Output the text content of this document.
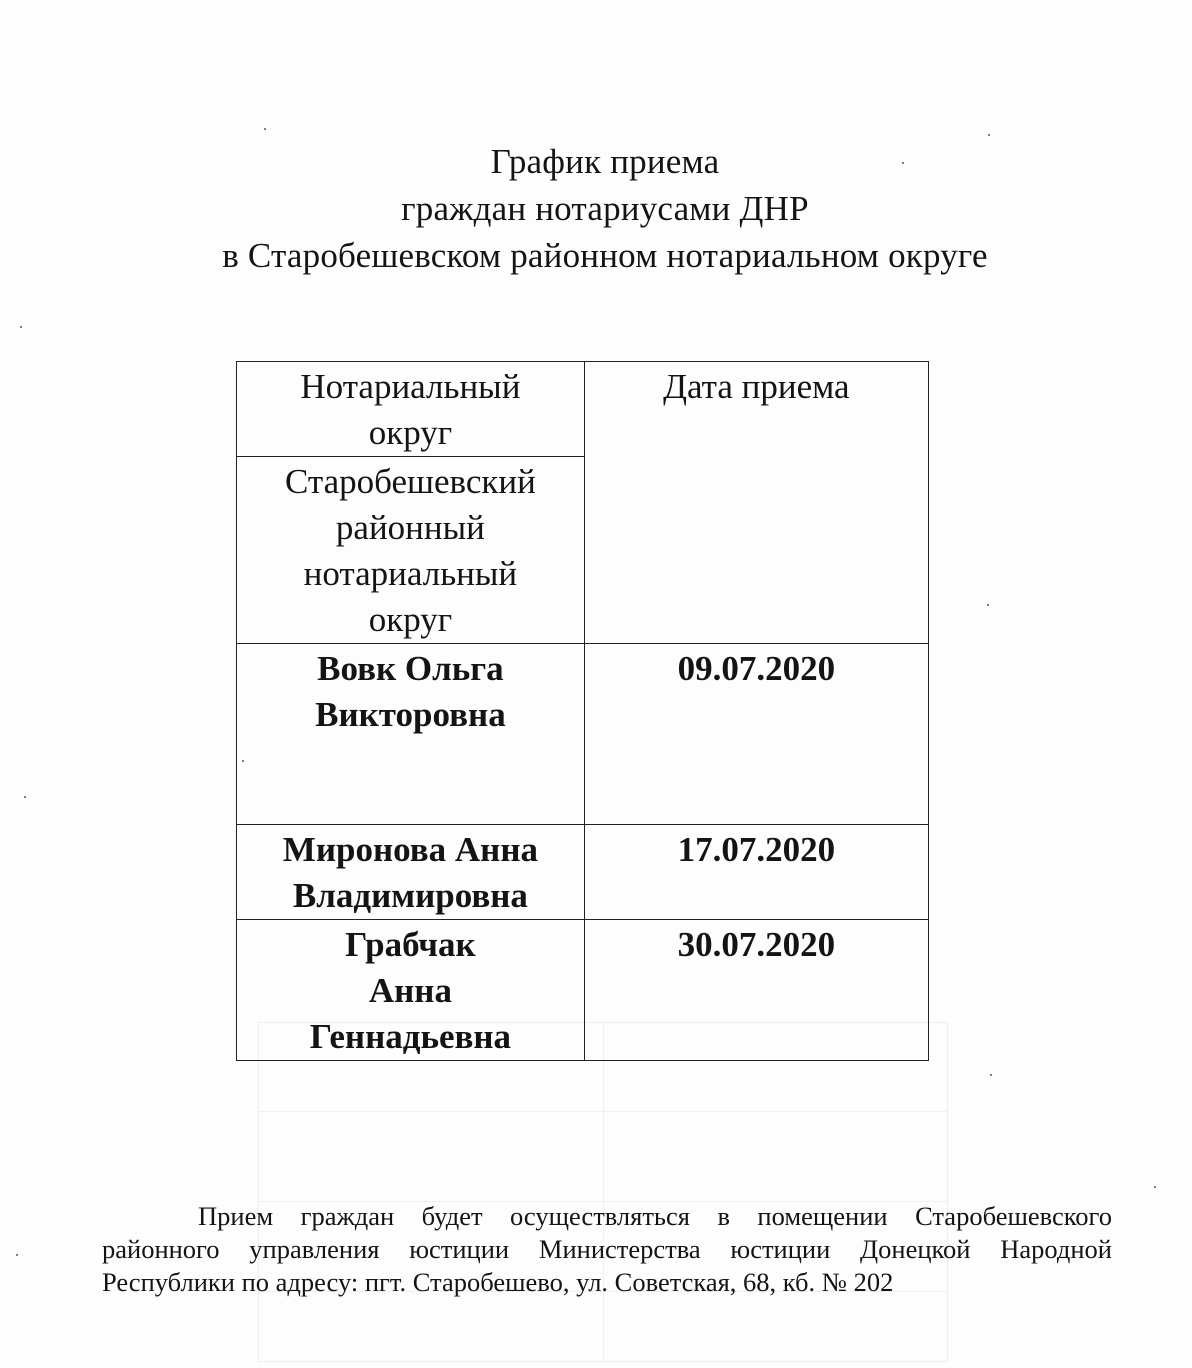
График приема
граждан нотариусами ДНР
в Старобешевском районном нотариальном округе
Нотариальный округ	Дата приема

Старобешевский районный нотариальный округ	

Вовк Ольга Викторовна	09.07.2020

Миронова Анна Владимировна	17.07.2020

Грабчак Анна Геннадьевна	30.07.2020
Прием граждан будет осуществляться в помещении Старобешевского
районного управления юстиции Министерства юстиции Донецкой Народной
Республики по адресу: пгт. Старобешево, ул. Советская, 68, кб. № 202
